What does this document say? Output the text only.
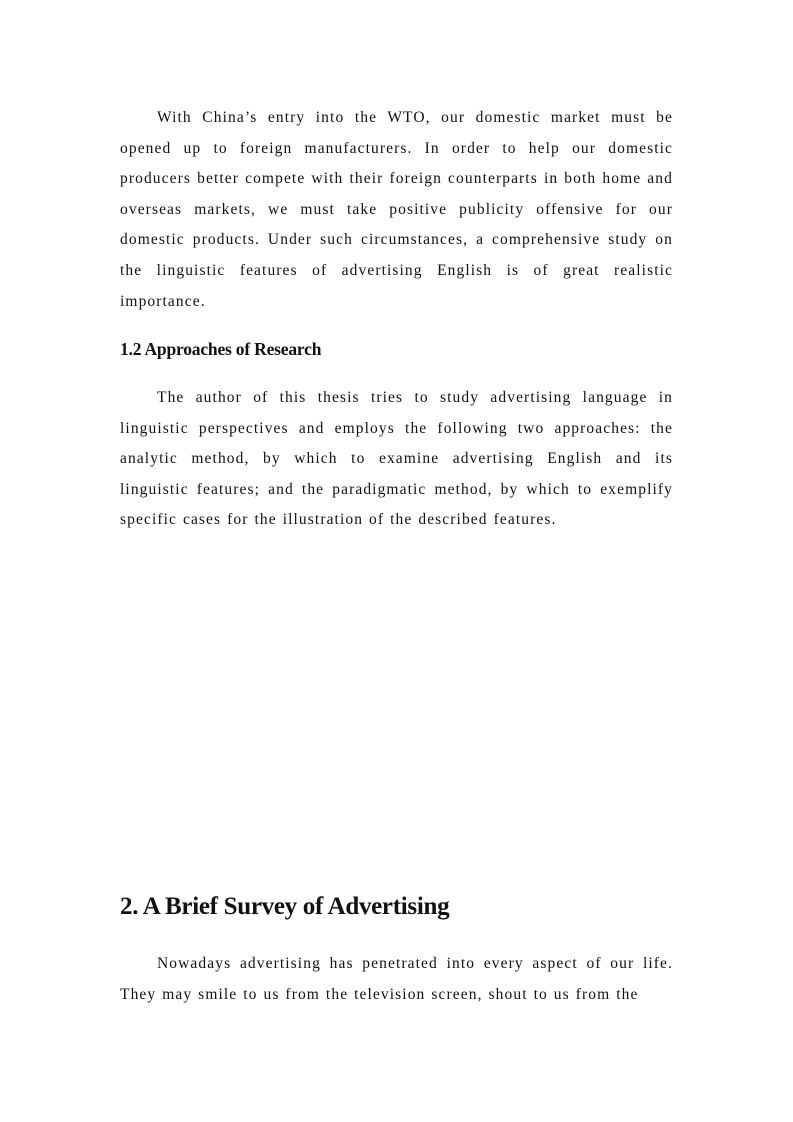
With China’s entry into the WTO, our domestic market must be opened up to foreign manufacturers. In order to help our domestic producers better compete with their foreign counterparts in both home and overseas markets, we must take positive publicity offensive for our domestic products. Under such circumstances, a comprehensive study on the linguistic features of advertising English is of great realistic importance.

1.2 Approaches of Research

The author of this thesis tries to study advertising language in linguistic perspectives and employs the following two approaches: the analytic method, by which to examine advertising English and its linguistic features; and the paradigmatic method, by which to exemplify specific cases for the illustration of the described features.

2. A Brief Survey of Advertising

Nowadays advertising has penetrated into every aspect of our life. They may smile to us from the television screen, shout to us from the
